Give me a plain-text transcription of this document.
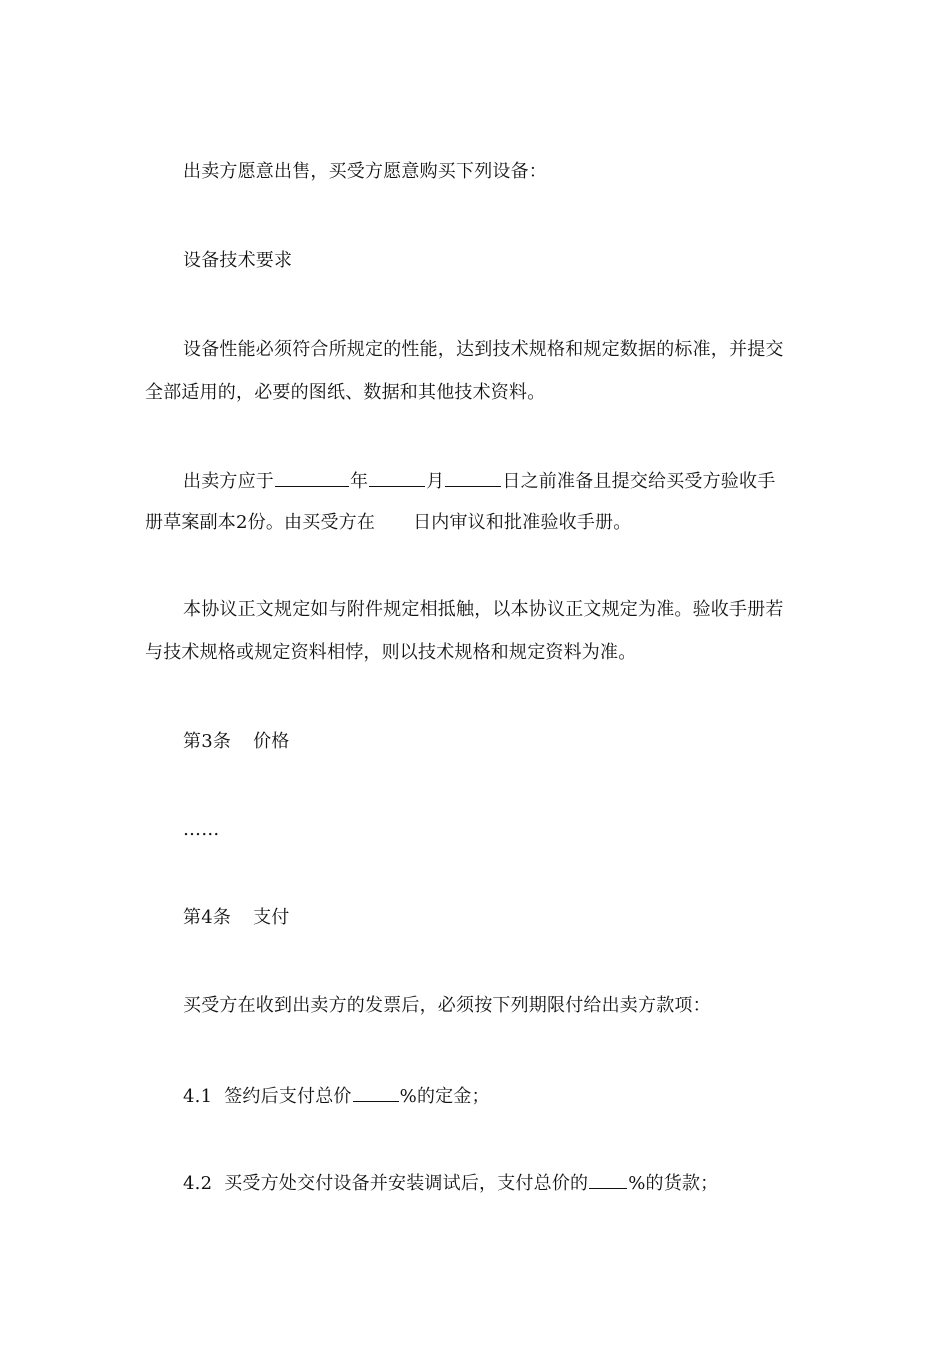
出卖方愿意出售，买受方愿意购买下列设备：
设备技术要求
设备性能必须符合所规定的性能，达到技术规格和规定数据的标准，并提交
全部适用的，必要的图纸、数据和其他技术资料。
出卖方应于	年	月	日之前准备且提交给买受方验收手
册草案副本2份。由买受方在 日内审议和批准验收手册。
本协议正文规定如与附件规定相抵触，以本协议正文规定为准。验收手册若
与技术规格或规定资料相悖，则以技术规格和规定资料为准。
第3条 价格
……
第4条 支付
买受方在收到出卖方的发票后，必须按下列期限付给出卖方款项：
4.1 签约后支付总价	%的定金；
4.2 买受方处交付设备并安装调试后，支付总价的 %的货款；
